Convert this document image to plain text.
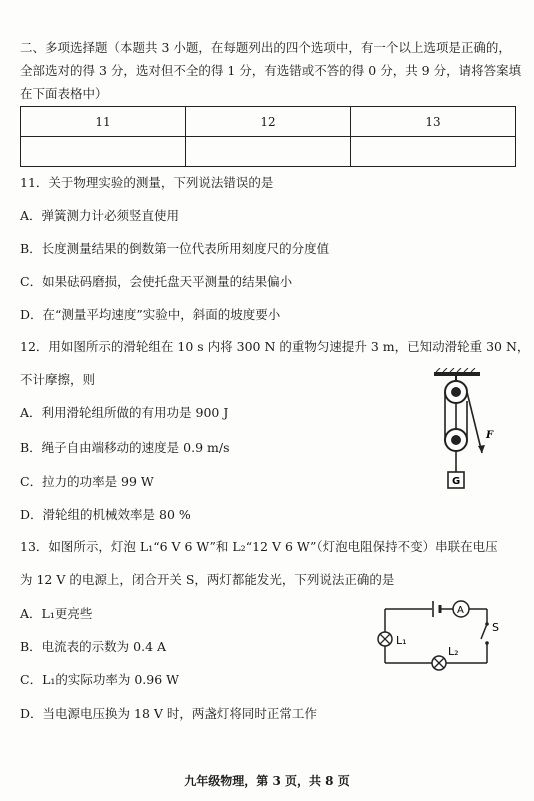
二、多项选择题（本题共 3 小题，在每题列出的四个选项中，有一个以上选项是正确的，
全部选对的得 3 分，选对但不全的得 1 分，有选错或不答的得 0 分，共 9 分，请将答案填
在下面表格中）
11	12	13

11．关于物理实验的测量，下列说法错误的是
A．弹簧测力计必须竖直使用
B．长度测量结果的倒数第一位代表所用刻度尺的分度值
C．如果砝码磨损，会使托盘天平测量的结果偏小
D．在“测量平均速度”实验中，斜面的坡度要小
12．用如图所示的滑轮组在 10 s 内将 300 N 的重物匀速提升 3 m，已知动滑轮重 30 N，
不计摩擦，则
A．利用滑轮组所做的有用功是 900 J
B．绳子自由端移动的速度是 0.9 m/s
C．拉力的功率是 99 W
D．滑轮组的机械效率是 80 %
F
G
13．如图所示，灯泡 L₁“6 V 6 W”和 L₂“12 V 6 W”（灯泡电阻保持不变）串联在电压
为 12 V 的电源上，闭合开关 S，两灯都能发光，下列说法正确的是
A．L₁更亮些
B．电流表的示数为 0.4 A
C．L₁的实际功率为 0.96 W
D．当电源电压换为 18 V 时，两盏灯将同时正常工作
A
S
L₁
L₂
九年级物理，第 3 页，共 8 页
